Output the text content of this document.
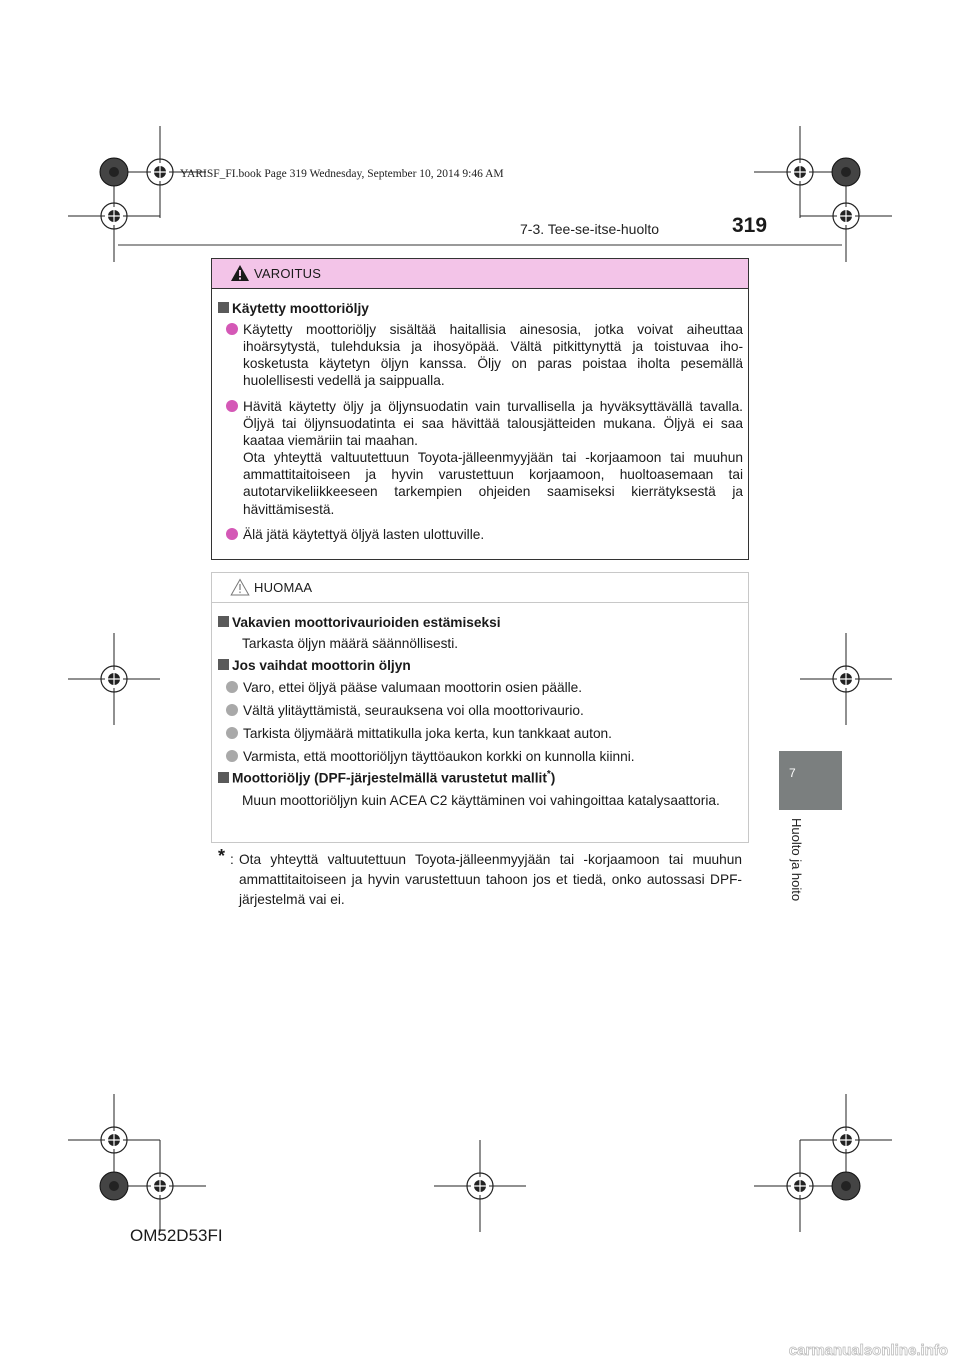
YARISF_FI.book Page 319 Wednesday, September 10, 2014 9:46 AM
7-3. Tee-se-itse-huolto	319
7
Huolto ja hoito
VAROITUS
Käytetty moottoriöljy
Käytetty moottoriöljy sisältää haitallisia ainesosia, jotka voivat aiheuttaa ihoärsytystä, tulehduksia ja ihosyöpää. Vältä pitkittynyttä ja toistuvaa ihokosketusta käytetyn öljyn kanssa. Öljy on paras poistaa iholta pesemällä huolellisesti vedellä ja saippualla.
Hävitä käytetty öljy ja öljynsuodatin vain turvallisella ja hyväksyttävällä tavalla. Öljyä tai öljynsuodatinta ei saa hävittää talousjätteiden mukana. Öljyä ei saa kaataa viemäriin tai maahan.
Ota yhteyttä valtuutettuun Toyota-jälleenmyyjään tai -korjaamoon tai muuhun ammattitaitoiseen ja hyvin varustettuun korjaamoon, huoltoasemaan tai autotarvikeliikkeeseen tarkempien ohjeiden saamiseksi kierrätyksestä ja hävittämisestä.
Älä jätä käytettyä öljyä lasten ulottuville.
HUOMAA
Vakavien moottorivaurioiden estämiseksi
Tarkasta öljyn määrä säännöllisesti.
Jos vaihdat moottorin öljyn
Varo, ettei öljyä pääse valumaan moottorin osien päälle.
Vältä ylitäyttämistä, seurauksena voi olla moottorivaurio.
Tarkista öljymäärä mittatikulla joka kerta, kun tankkaat auton.
Varmista, että moottoriöljyn täyttöaukon korkki on kunnolla kiinni.
Moottoriöljy (DPF-järjestelmällä varustetut mallit*)
Muun moottoriöljyn kuin ACEA C2 käyttäminen voi vahingoittaa katalysaattoria.
* : Ota yhteyttä valtuutettuun Toyota-jälleenmyyjään tai -korjaamoon tai muuhun ammattitaitoiseen ja hyvin varustettuun tahoon jos et tiedä, onko autossasi DPF-järjestelmä vai ei.
OM52D53FI
carmanualsonline.info
